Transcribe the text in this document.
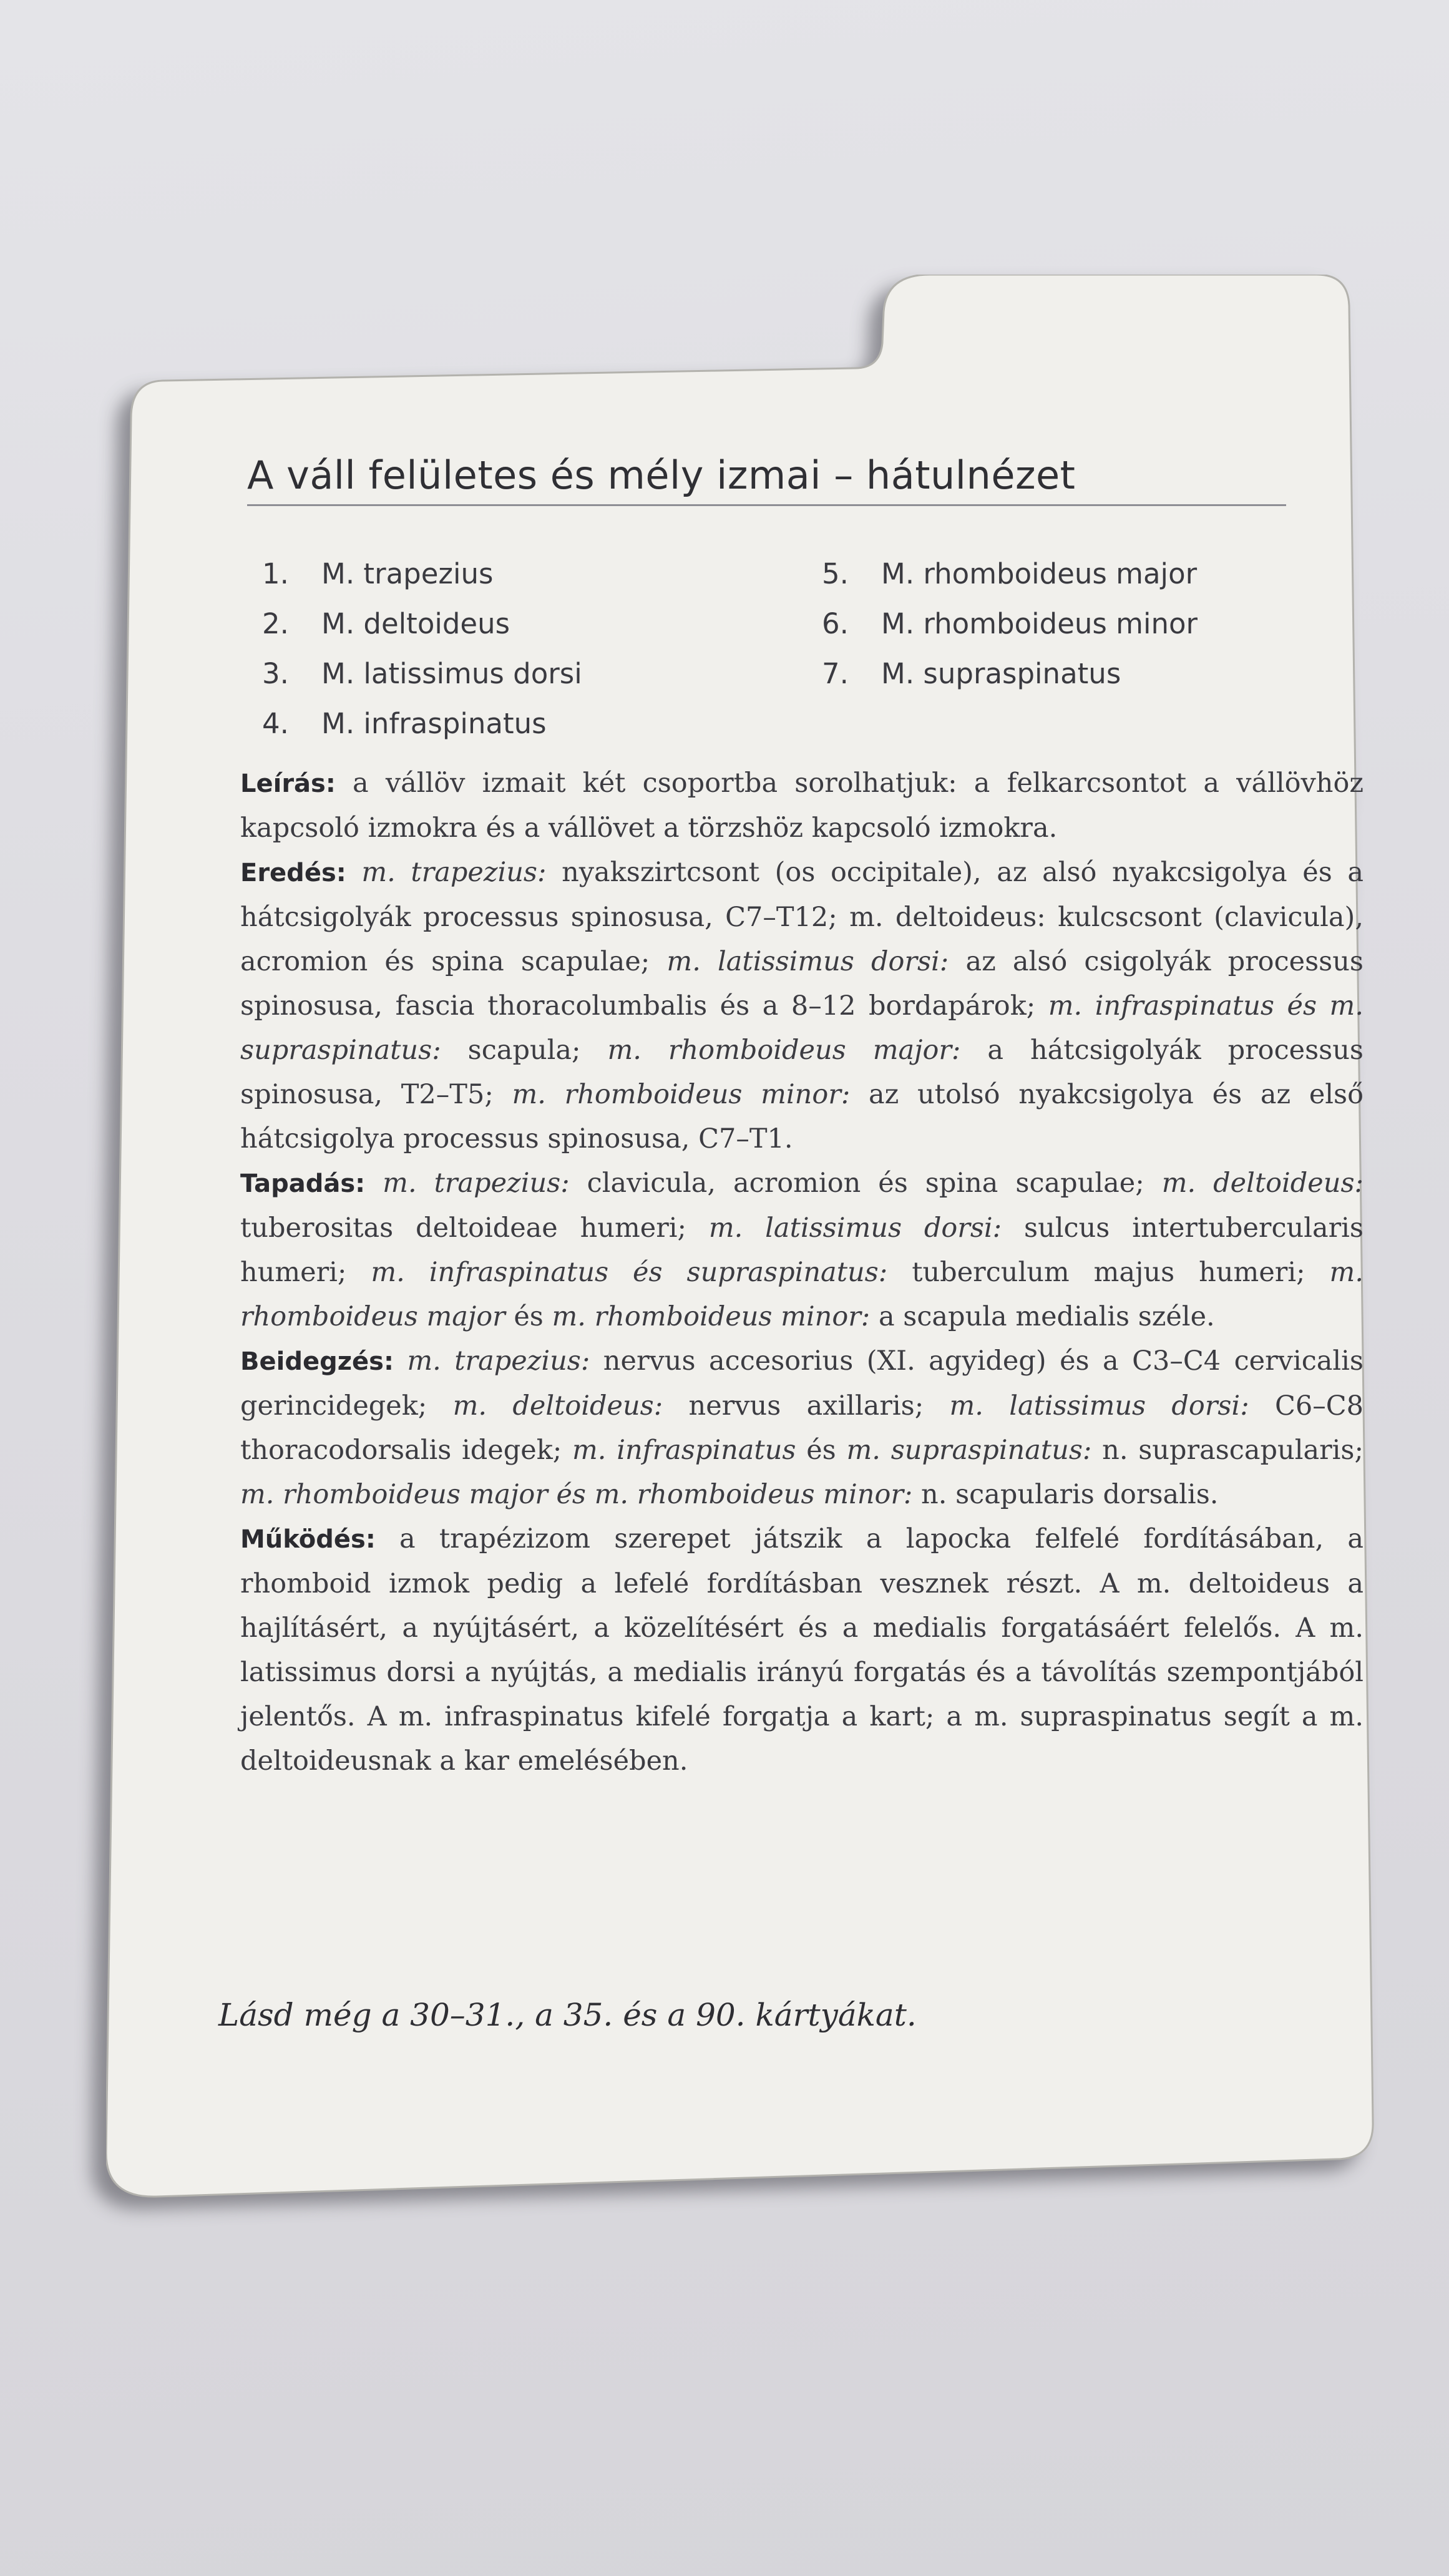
A váll felületes és mély izmai – hátulnézet
1. M. trapezius
2. M. deltoideus
3. M. latissimus dorsi
4. M. infraspinatus
5. M. rhomboideus major
6. M. rhomboideus minor
7. M. supraspinatus

Leírás: a vállöv izmait két csoportba sorolhatjuk: a felkarcsontot a vállövhöz kapcsoló izmokra és a vállövet a törzshöz kapcsoló izmokra.

Eredés: m. trapezius: nyakszirtcsont (os occipitale), az alsó nyakcsigolya és a hátcsigolyák processus spinosusa, C7–T12; m. deltoideus: kulcscsont (clavicula), acromion és spina scapulae; m. latissimus dorsi: az alsó csigolyák processus spinosusa, fascia thoracolumbalis és a 8–12 bordapárok; m. infraspinatus és m. supraspinatus: scapula; m. rhomboideus major: a hátcsigolyák processus spinosusa, T2–T5; m. rhomboideus minor: az utolsó nyakcsigolya és az első hátcsigolya processus spinosusa, C7–T1.

Tapadás: m. trapezius: clavicula, acromion és spina scapulae; m. deltoideus: tuberositas deltoideae humeri; m. latissimus dorsi: sulcus intertubercularis humeri; m. infraspinatus és supraspinatus: tuberculum majus humeri; m. rhomboideus major és m. rhomboideus minor: a scapula medialis széle.

Beidegzés: m. trapezius: nervus accesorius (XI. agyideg) és a C3–C4 cervicalis gerincidegek; m. deltoideus: nervus axillaris; m. latissimus dorsi: C6–C8 thoracodorsalis idegek; m. infraspinatus és m. supraspinatus: n. suprascapularis; m. rhomboideus major és m. rhomboideus minor: n. scapularis dorsalis.

Működés: a trapézizom szerepet játszik a lapocka felfelé fordításában, a rhomboid izmok pedig a lefelé fordításban vesznek részt. A m. deltoideus a hajlításért, a nyújtásért, a közelítésért és a medialis forgatásáért felelős. A m. latissimus dorsi a nyújtás, a medialis irányú forgatás és a távolítás szempontjából jelentős. A m. infraspinatus kifelé forgatja a kart; a m. supraspinatus segít a m. deltoideusnak a kar emelésében.

Lásd még a 30–31., a 35. és a 90. kártyákat.
